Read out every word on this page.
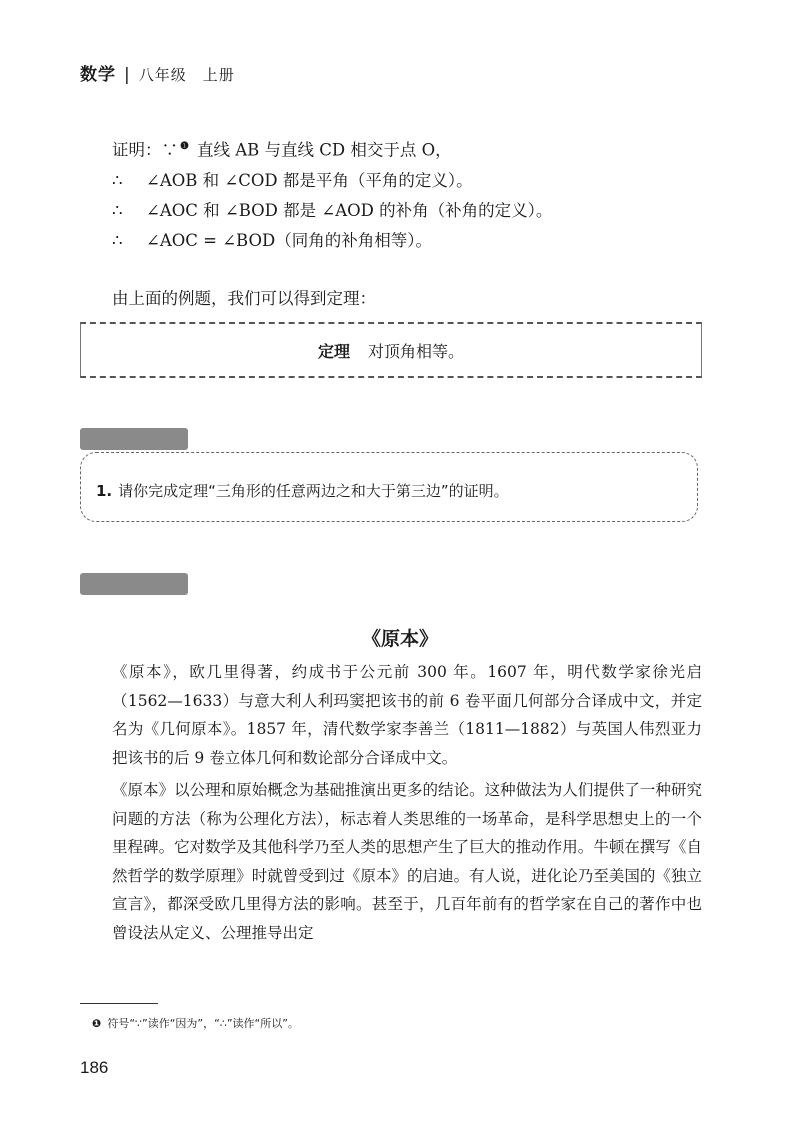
数学 | 八年级　上册
证明：∵ $^❶$ 直线 AB 与直线 CD 相交于点 O，
∴ ∠AOB 和 ∠COD 都是平角（平角的定义）。
∴ ∠AOC 和 ∠BOD 都是 ∠AOD 的补角（补角的定义）。
∴ ∠AOC = ∠BOD（同角的补角相等）。
由上面的例题，我们可以得到定理：
定理 对顶角相等。
1. 请你完成定理“三角形的任意两边之和大于第三边”的证明。
《原本》
《原本》，欧几里得著，约成书于公元前 300 年。1607 年，明代数学家徐光启（1562—1633）与意大利人利玛窦把该书的前 6 卷平面几何部分合译成中文，并定名为《几何原本》。1857 年，清代数学家李善兰（1811—1882）与英国人伟烈亚力把该书的后 9 卷立体几何和数论部分合译成中文。
《原本》以公理和原始概念为基础推演出更多的结论。这种做法为人们提供了一种研究问题的方法（称为公理化方法），标志着人类思维的一场革命，是科学思想史上的一个里程碑。它对数学及其他科学乃至人类的思想产生了巨大的推动作用。牛顿在撰写《自然哲学的数学原理》时就曾受到过《原本》的启迪。有人说，进化论乃至美国的《独立宣言》，都深受欧几里得方法的影响。甚至于，几百年前有的哲学家在自己的著作中也曾设法从定义、公理推导出定
❶ 符号“∵”读作“因为”，“∴”读作“所以”。
186
